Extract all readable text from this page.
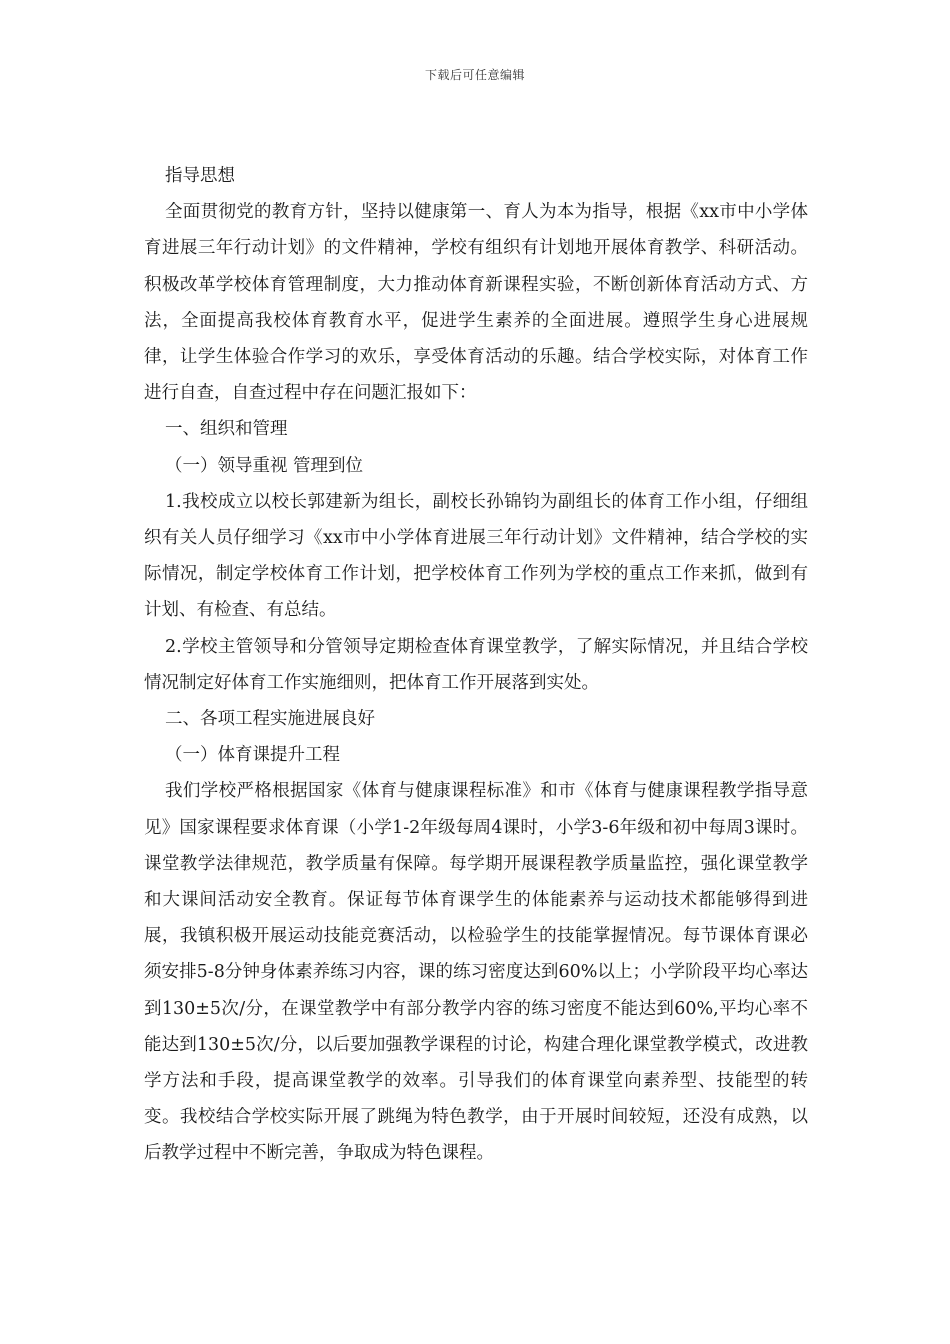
下载后可任意编辑

指导思想

全面贯彻党的教育方针，坚持以健康第一、育人为本为指导，根据《xx市中小学体育进展三年行动计划》的文件精神，学校有组织有计划地开展体育教学、科研活动。积极改革学校体育管理制度，大力推动体育新课程实验，不断创新体育活动方式、方法，全面提高我校体育教育水平，促进学生素养的全面进展。遵照学生身心进展规律，让学生体验合作学习的欢乐，享受体育活动的乐趣。结合学校实际，对体育工作进行自查，自查过程中存在问题汇报如下：

一、组织和管理

（一）领导重视 管理到位

1.我校成立以校长郭建新为组长，副校长孙锦钧为副组长的体育工作小组，仔细组织有关人员仔细学习《xx市中小学体育进展三年行动计划》文件精神，结合学校的实际情况，制定学校体育工作计划，把学校体育工作列为学校的重点工作来抓，做到有计划、有检查、有总结。

2.学校主管领导和分管领导定期检查体育课堂教学，了解实际情况，并且结合学校情况制定好体育工作实施细则，把体育工作开展落到实处。

二、各项工程实施进展良好

（一）体育课提升工程

我们学校严格根据国家《体育与健康课程标准》和市《体育与健康课程教学指导意见》国家课程要求体育课（小学1-2年级每周4课时，小学3-6年级和初中每周3课时。课堂教学法律规范，教学质量有保障。每学期开展课程教学质量监控，强化课堂教学和大课间活动安全教育。保证每节体育课学生的体能素养与运动技术都能够得到进展，我镇积极开展运动技能竞赛活动，以检验学生的技能掌握情况。每节课体育课必须安排5-8分钟身体素养练习内容，课的练习密度达到60%以上；小学阶段平均心率达到130±5次/分，在课堂教学中有部分教学内容的练习密度不能达到60%,平均心率不能达到130±5次/分，以后要加强教学课程的讨论，构建合理化课堂教学模式，改进教学方法和手段，提高课堂教学的效率。引导我们的体育课堂向素养型、技能型的转变。我校结合学校实际开展了跳绳为特色教学，由于开展时间较短，还没有成熟，以后教学过程中不断完善，争取成为特色课程。
